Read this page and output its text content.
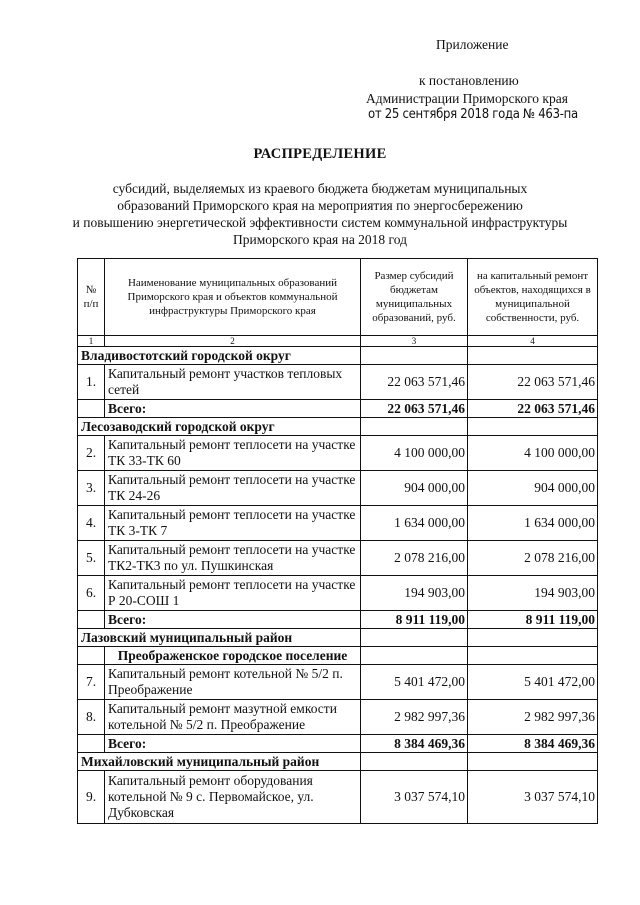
Приложение
к постановлению
Администрации Приморского края
от 25 сентября 2018 года № 463-па
РАСПРЕДЕЛЕНИЕ
субсидий, выделяемых из краевого бюджета бюджетам муниципальных
образований Приморского края на мероприятия по энергосбережению
и повышению энергетической эффективности систем коммунальной инфраструктуры
Приморского края на 2018 год
№ п/п	Наименование муниципальных образований Приморского края и объектов коммунальной инфраструктуры Приморского края	Размер субсидий бюджетам муниципальных образований, руб.	на капитальный ремонт объектов, находящихся в муниципальной собственности, руб.
1	2	3	4
Владивостотский городской округ			
1.	Капитальный ремонт участков тепловых сетей	22 063 571,46	22 063 571,46
	Всего:	22 063 571,46	22 063 571,46
Лесозаводский городской округ			
2.	Капитальный ремонт теплосети на участке ТК 33-ТК 60	4 100 000,00	4 100 000,00
3.	Капитальный ремонт теплосети на участке ТК 24-26	904 000,00	904 000,00
4.	Капитальный ремонт теплосети на участке ТК 3-ТК 7	1 634 000,00	1 634 000,00
5.	Капитальный ремонт теплосети на участке ТК2-ТК3 по ул. Пушкинская	2 078 216,00	2 078 216,00
6.	Капитальный ремонт теплосети на участке Р 20-СОШ 1	194 903,00	194 903,00
	Всего:	8 911 119,00	8 911 119,00
Лазовский муниципальный район			
	Преображенское городское поселение		
7.	Капитальный ремонт котельной № 5/2 п. Преображение	5 401 472,00	5 401 472,00
8.	Капитальный ремонт мазутной емкости котельной № 5/2 п. Преображение	2 982 997,36	2 982 997,36
	Всего:	8 384 469,36	8 384 469,36
Михайловский муниципальный район			
9.	Капитальный ремонт оборудования котельной № 9 с. Первомайское, ул. Дубковская	3 037 574,10	3 037 574,10
